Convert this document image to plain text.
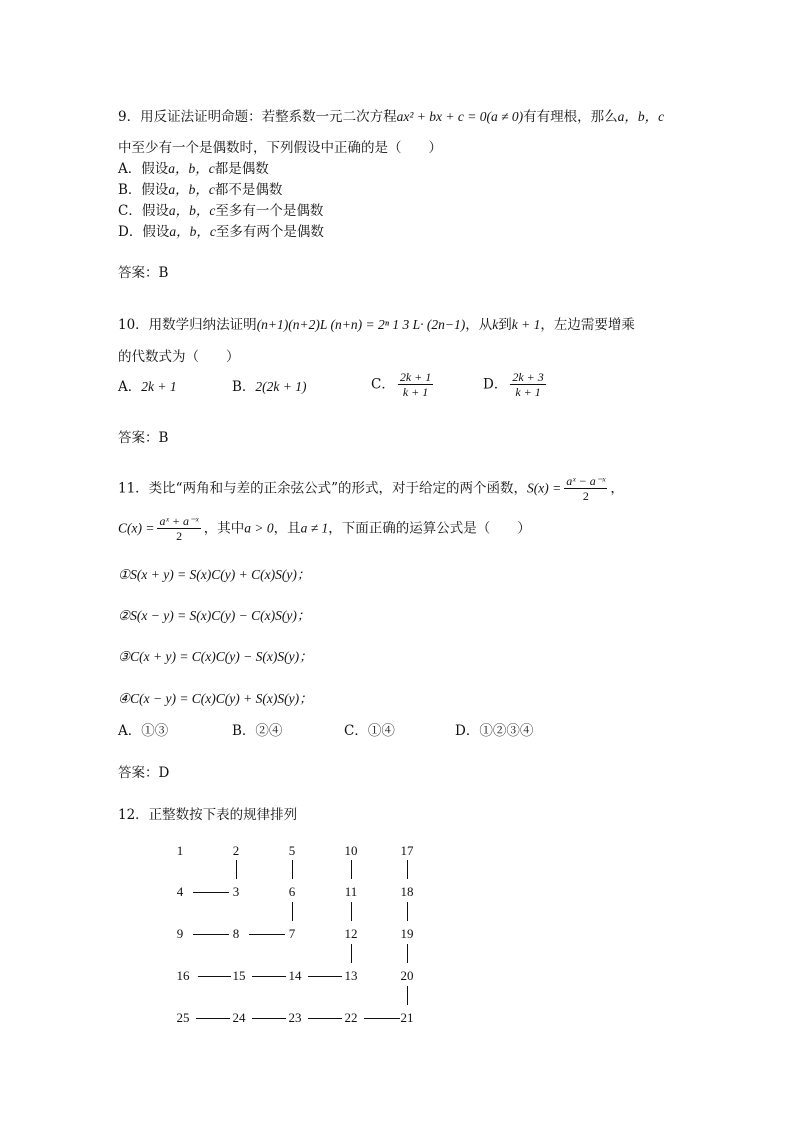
9．用反证法证明命题：若整系数一元二次方程ax² + bx + c = 0(a ≠ 0)有有理根，那么a，b，c
中至少有一个是偶数时，下列假设中正确的是（　　）
A．假设a，b，c都是偶数
B．假设a，b，c都不是偶数
C．假设a，b，c至多有一个是偶数
D．假设a，b，c至多有两个是偶数
答案：B
10．用数学归纳法证明(n+1)(n+2)L (n+n) = 2ⁿ 1 3 L· (2n−1)，从k到k + 1，左边需要增乘
的代数式为（　　）
A．2k + 1	B．2(2k + 1)	C． $\frac{2k + 1}{k + 1}$	D． $\frac{2k + 3}{k + 1}$
答案：B
11．类比“两角和与差的正余弦公式”的形式，对于给定的两个函数，$S(x) = \frac{\text{aˣ − a⁻ˣ}}{2}$ ，
$C(x) = \frac{\text{aˣ + a⁻ˣ}}{2}$ ，其中a > 0，且a ≠ 1，下面正确的运算公式是（　　）
①S(x + y) = S(x)C(y) + C(x)S(y)；
②S(x − y) = S(x)C(y) − C(x)S(y)；
③C(x + y) = C(x)C(y) − S(x)S(y)；
④C(x − y) = C(x)C(y) + S(x)S(y)；
A．①③	B．②④	C．①④	D．①②③④
答案：D
12．正整数按下表的规律排列
1	2	5	10	17
4	3	6	11	18
9	8	7	12	19
16	15	14	13	20
25	24	23	22	21
